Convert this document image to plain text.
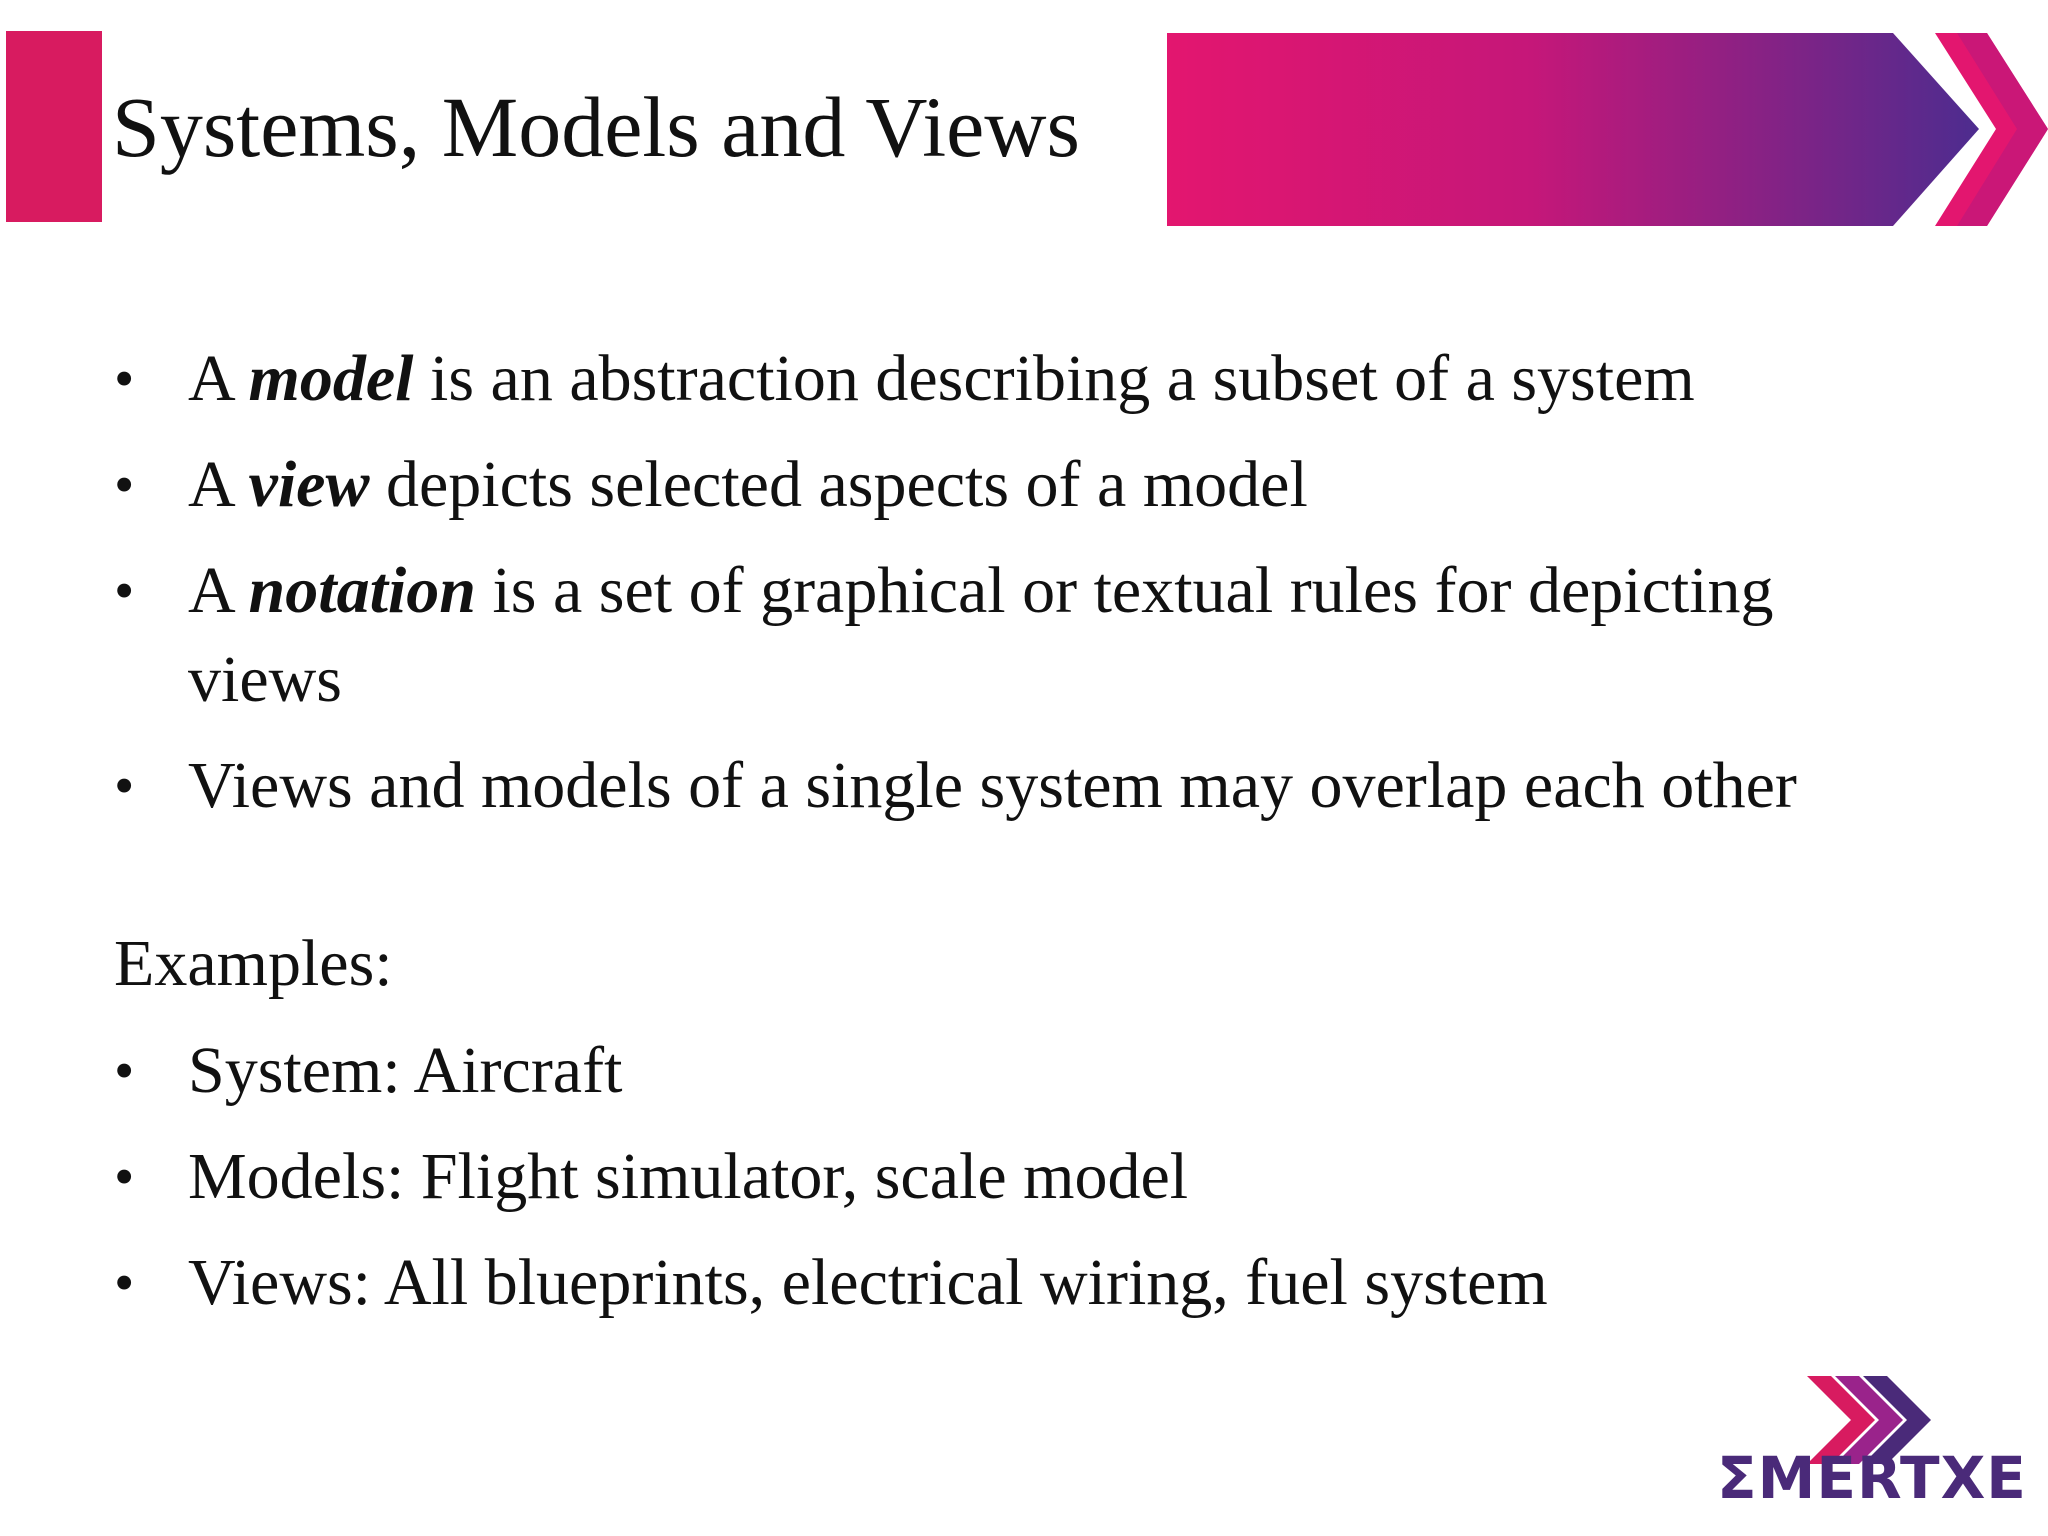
Systems, Models and Views
• A model is an abstraction describing a subset of a system
• A view depicts selected aspects of a model
• A notation is a set of graphical or textual rules for depicting
views
• Views and models of a single system may overlap each other
Examples:
• System: Aircraft
• Models: Flight simulator, scale model
• Views: All blueprints, electrical wiring, fuel system
ΣMERTXE
